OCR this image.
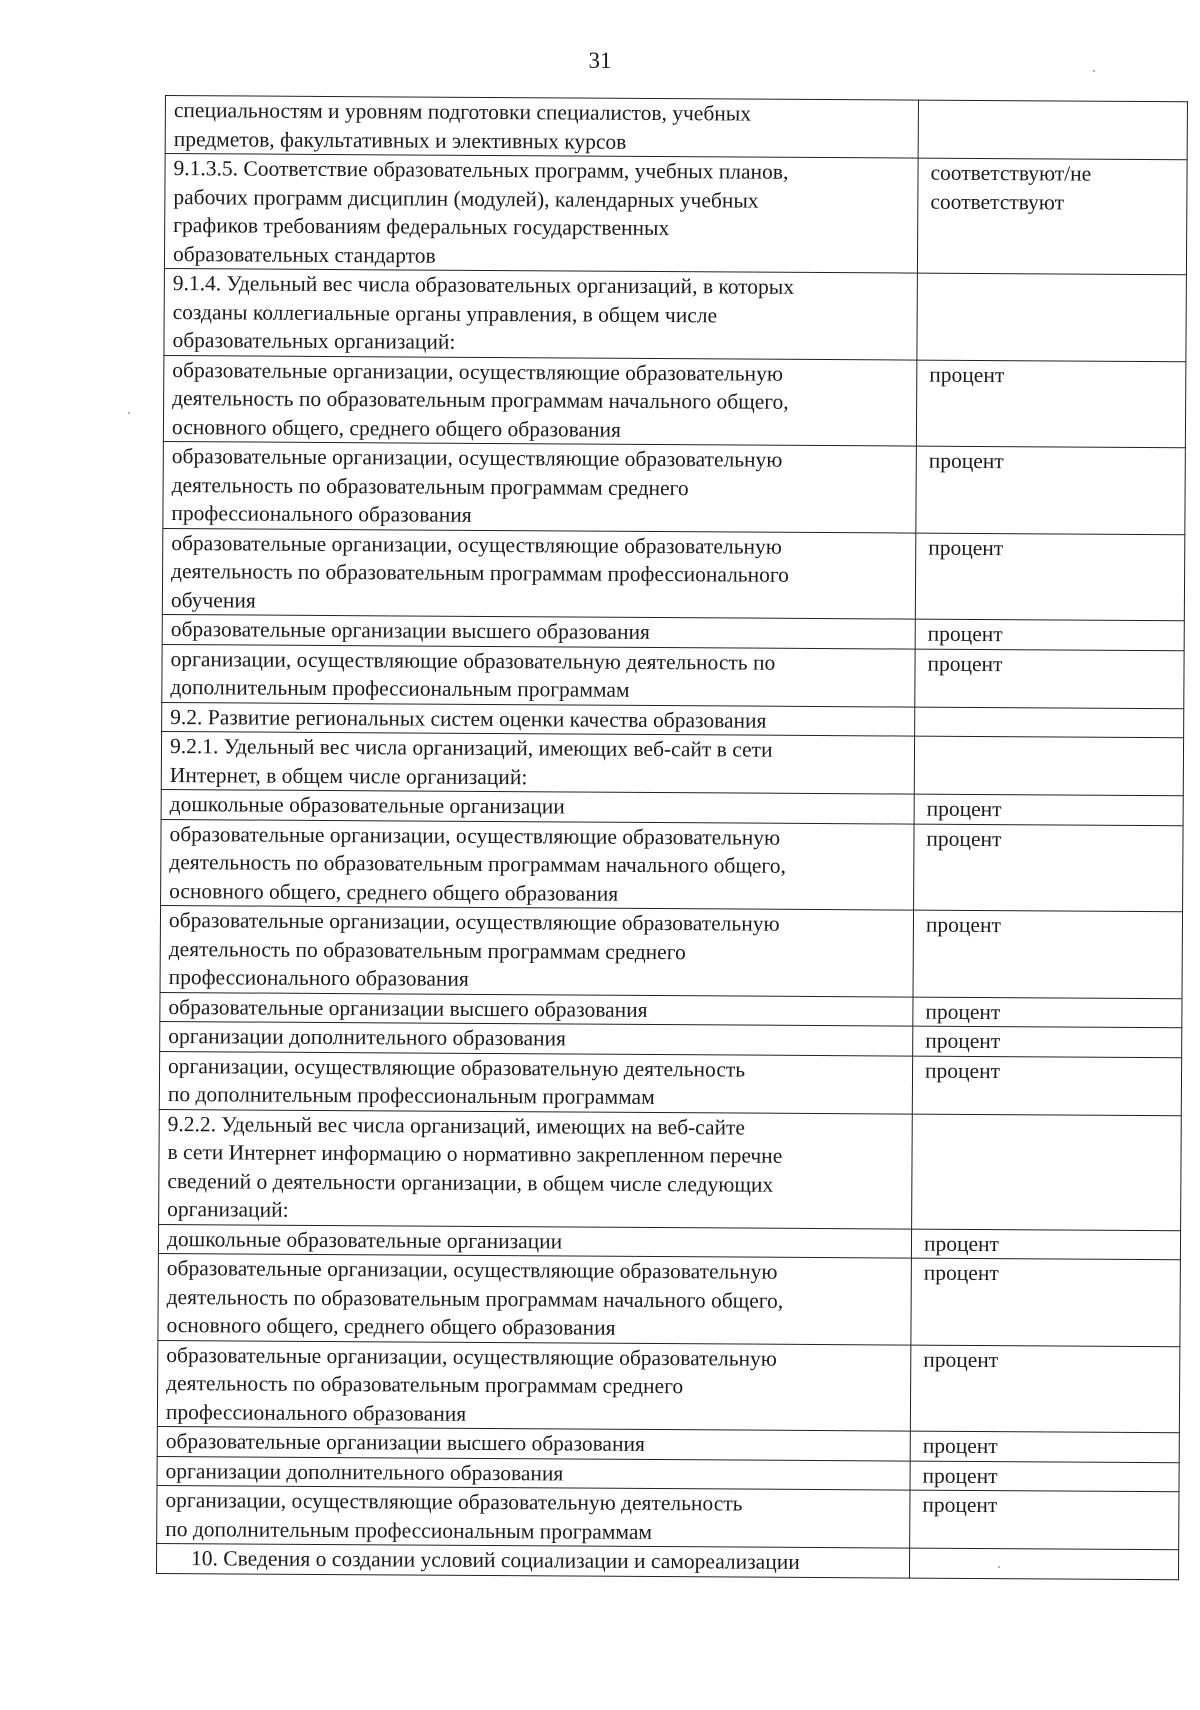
31
специальностям и уровням подготовки специалистов, учебных
предметов, факультативных и элективных курсов	

9.1.3.5. Соответствие образовательных программ, учебных планов,
рабочих программ дисциплин (модулей), календарных учебных
графиков требованиям федеральных государственных
образовательных стандартов	соответствуют/не
соответствуют

9.1.4. Удельный вес числа образовательных организаций, в которых
созданы коллегиальные органы управления, в общем числе
образовательных организаций:	

образовательные организации, осуществляющие образовательную
деятельность по образовательным программам начального общего,
основного общего, среднего общего образования	процент

образовательные организации, осуществляющие образовательную
деятельность по образовательным программам среднего
профессионального образования	процент

образовательные организации, осуществляющие образовательную
деятельность по образовательным программам профессионального
обучения	процент

образовательные организации высшего образования	процент

организации, осуществляющие образовательную деятельность по
дополнительным профессиональным программам	процент

9.2. Развитие региональных систем оценки качества образования	

9.2.1. Удельный вес числа организаций, имеющих веб-сайт в сети
Интернет, в общем числе организаций:	

дошкольные образовательные организации	процент

образовательные организации, осуществляющие образовательную
деятельность по образовательным программам начального общего,
основного общего, среднего общего образования	процент

образовательные организации, осуществляющие образовательную
деятельность по образовательным программам среднего
профессионального образования	процент

образовательные организации высшего образования	процент

организации дополнительного образования	процент

организации, осуществляющие образовательную деятельность
по дополнительным профессиональным программам	процент

9.2.2. Удельный вес числа организаций, имеющих на веб-сайте
в сети Интернет информацию о нормативно закрепленном перечне
сведений о деятельности организации, в общем числе следующих
организаций:	

дошкольные образовательные организации	процент

образовательные организации, осуществляющие образовательную
деятельность по образовательным программам начального общего,
основного общего, среднего общего образования	процент

образовательные организации, осуществляющие образовательную
деятельность по образовательным программам среднего
профессионального образования	процент

образовательные организации высшего образования	процент

организации дополнительного образования	процент

организации, осуществляющие образовательную деятельность
по дополнительным профессиональным программам	процент

10. Сведения о создании условий социализации и самореализации	
